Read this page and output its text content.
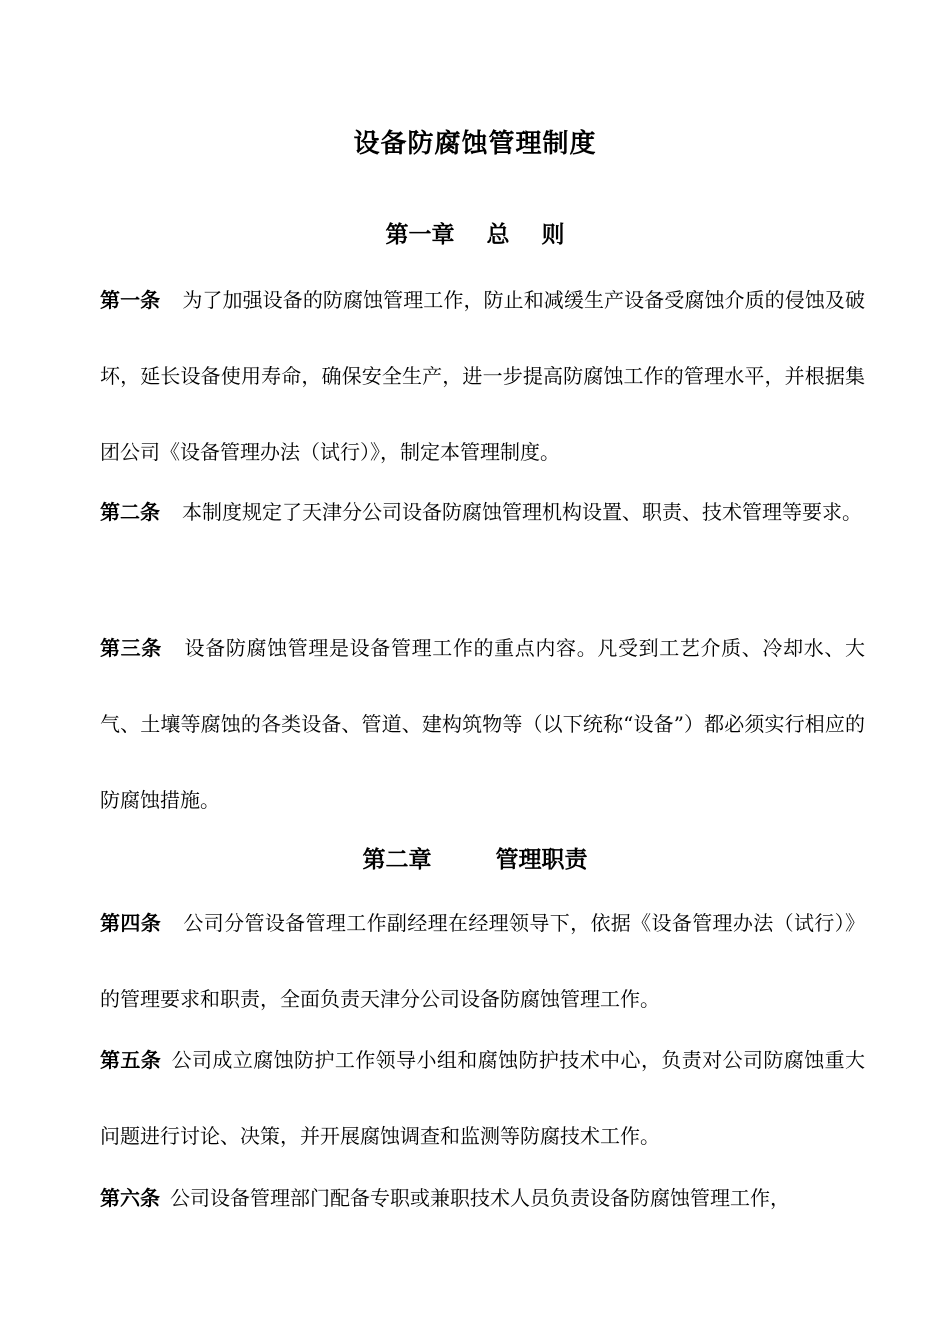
设备防腐蚀管理制度
第一章    总    则
第一条 为了加强设备的防腐蚀管理工作，防止和减缓生产设备受腐蚀介质的侵蚀及破坏，延长设备使用寿命，确保安全生产，进一步提高防腐蚀工作的管理水平，并根据集团公司《设备管理办法（试行）》，制定本管理制度。
第二条 本制度规定了天津分公司设备防腐蚀管理机构设置、职责、技术管理等要求。
第三条 设备防腐蚀管理是设备管理工作的重点内容。凡受到工艺介质、冷却水、大气、土壤等腐蚀的各类设备、管道、建构筑物等（以下统称“设备”）都必须实行相应的防腐蚀措施。
第二章        管理职责
第四条 公司分管设备管理工作副经理在经理领导下，依据《设备管理办法（试行）》的管理要求和职责，全面负责天津分公司设备防腐蚀管理工作。
第五条 公司成立腐蚀防护工作领导小组和腐蚀防护技术中心，负责对公司防腐蚀重大问题进行讨论、决策，并开展腐蚀调查和监测等防腐技术工作。
第六条 公司设备管理部门配备专职或兼职技术人员负责设备防腐蚀管理工作，
